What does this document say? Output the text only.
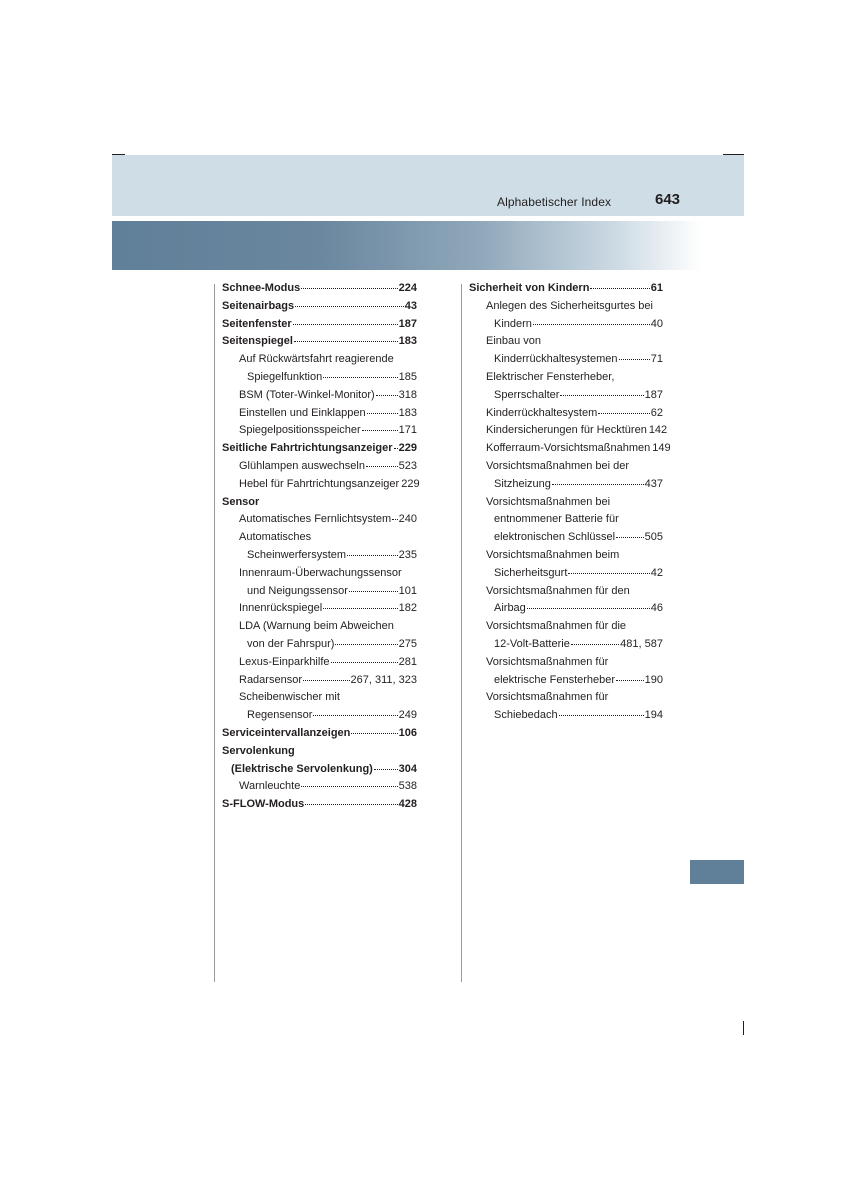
Alphabetischer Index	643
Schnee-Modus	224
Seitenairbags	43
Seitenfenster	187
Seitenspiegel	183
Auf Rückwärtsfahrt reagierende
Spiegelfunktion	185
BSM (Toter-Winkel-Monitor) 318
Einstellen und Einklappen	183
Spiegelpositionsspeicher	171
Seitliche Fahrtrichtungsanzeiger 229
Glühlampen auswechseln	523
Hebel für Fahrtrichtungsanzeiger 229
Sensor
Automatisches Fernlichtsystem 240
Automatisches
Scheinwerfersystem	235
Innenraum-Überwachungssensor
und Neigungssensor	101
Innenrückspiegel	182
LDA (Warnung beim Abweichen
von der Fahrspur)	275
Lexus-Einparkhilfe	281
Radarsensor	267, 311, 323
Scheibenwischer mit
Regensensor	249
Serviceintervallanzeigen	106
Servolenkung
(Elektrische Servolenkung) 304
Warnleuchte	538
S-FLOW-Modus	428
Sicherheit von Kindern	61
Anlegen des Sicherheitsgurtes bei
Kindern	40
Einbau von
Kinderrückhaltesystemen	71
Elektrischer Fensterheber,
Sperrschalter	187
Kinderrückhaltesystem	62
Kindersicherungen für Hecktüren 142
Kofferraum-Vorsichtsmaßnahmen 149
Vorsichtsmaßnahmen bei der
Sitzheizung	437
Vorsichtsmaßnahmen bei
entnommener Batterie für
elektronischen Schlüssel	505
Vorsichtsmaßnahmen beim
Sicherheitsgurt	42
Vorsichtsmaßnahmen für den
Airbag	46
Vorsichtsmaßnahmen für die
12-Volt-Batterie	481, 587
Vorsichtsmaßnahmen für
elektrische Fensterheber	190
Vorsichtsmaßnahmen für
Schiebedach	194
